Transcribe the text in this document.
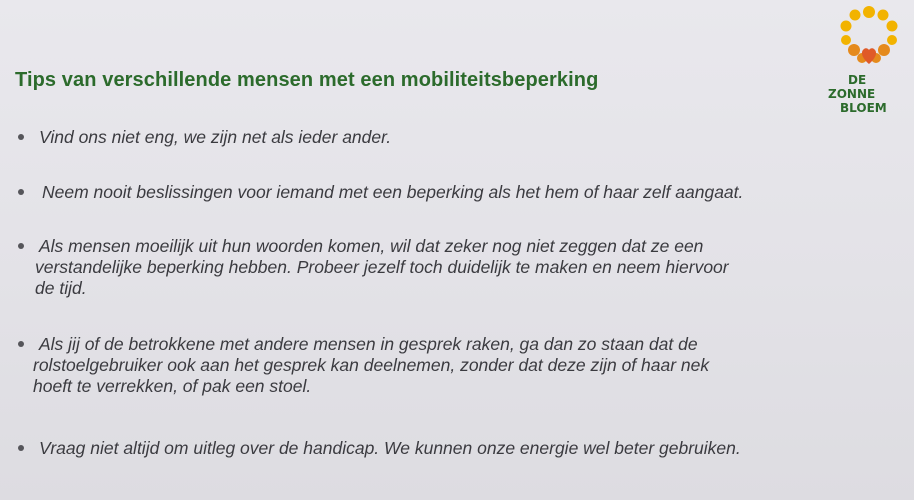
Tips van verschillende mensen met een mobiliteitsbeperking	DE
ZONNE
BLOEM
Vind ons niet eng, we zijn net als ieder ander.
Neem nooit beslissingen voor iemand met een beperking als het hem of haar zelf aangaat.
Als mensen moeilijk uit hun woorden komen, wil dat zeker nog niet zeggen dat ze een
verstandelijke beperking hebben. Probeer jezelf toch duidelijk te maken en neem hiervoor
de tijd.
Als jij of de betrokkene met andere mensen in gesprek raken, ga dan zo staan dat de
rolstoelgebruiker ook aan het gesprek kan deelnemen, zonder dat deze zijn of haar nek
hoeft te verrekken, of pak een stoel.
Vraag niet altijd om uitleg over de handicap. We kunnen onze energie wel beter gebruiken.
